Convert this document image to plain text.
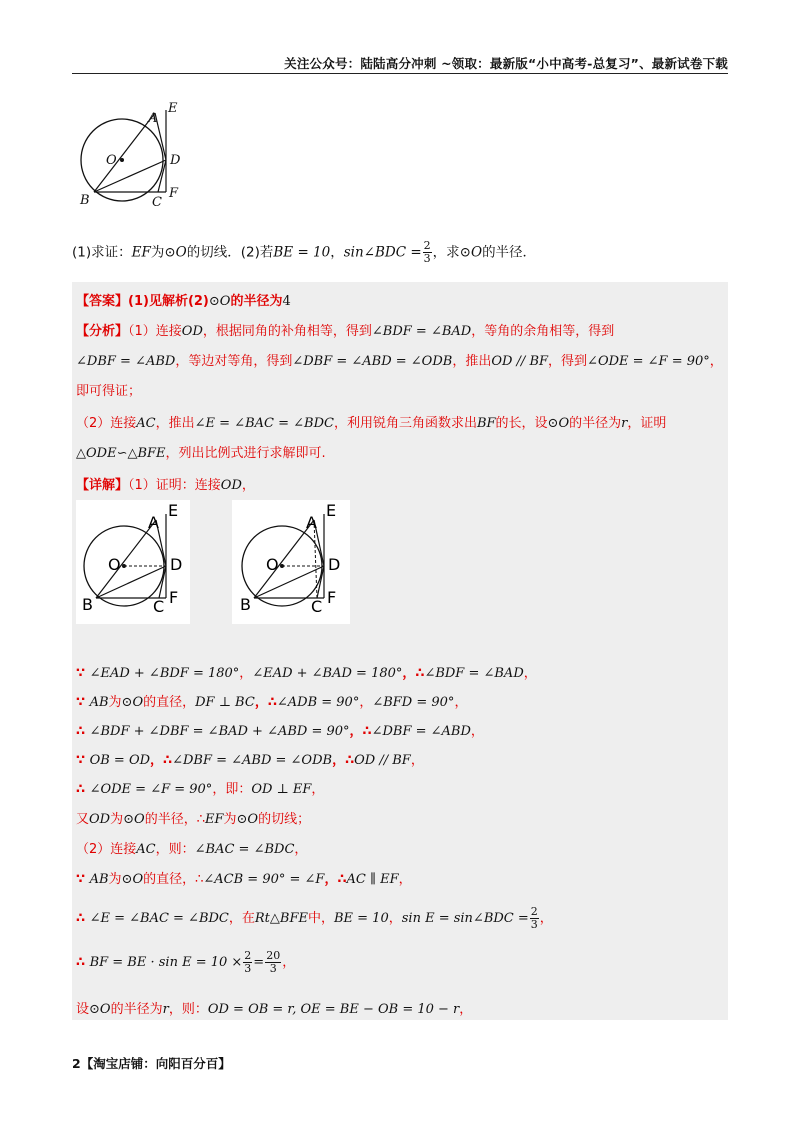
关注公众号：陆陆高分冲刺 ~领取：最新版“小中高考-总复习”、最新试卷下载
E
A
O	D
B	C
F
(1)求证：EF为⊙O的切线．(2)若BE = 10，sin∠BDC = $\frac{2}{3}$ ，求⊙O的半径．
【答案】(1)见解析(2)⊙O的半径为4
【分析】（1）连接OD，根据同角的补角相等，得到∠BDF = ∠BAD，等角的余角相等，得到
∠DBF = ∠ABD，等边对等角，得到∠DBF = ∠ABD = ∠ODB，推出OD // BF，得到∠ODE = ∠F = 90°，
即可得证；
（2）连接AC，推出∠E = ∠BAC = ∠BDC，利用锐角三角函数求出BF的长，设⊙O的半径为r，证明
△ODE∽△BFE，列出比例式进行求解即可.
【详解】（1）证明：连接OD，
E
A
O	D
B	C F
E
A
O	D
B	C F
∵ ∠EAD + ∠BDF = 180°，∠EAD + ∠BAD = 180°，∴∠BDF = ∠BAD，
∵ AB为⊙O的直径，DF ⊥ BC，∴∠ADB = 90°，∠BFD = 90°，
∴ ∠BDF + ∠DBF = ∠BAD + ∠ABD = 90°，∴∠DBF = ∠ABD，
∵ OB = OD，∴∠DBF = ∠ABD = ∠ODB，∴OD // BF，
∴ ∠ODE = ∠F = 90°，即：OD ⊥ EF，
又OD为⊙O的半径，∴EF为⊙O的切线；
（2）连接AC，则：∠BAC = ∠BDC，
∵ AB为⊙O的直径，∴∠ACB = 90° = ∠F，∴AC ∥ EF，
∴ ∠E = ∠BAC = ∠BDC，在Rt△BFE中，BE = 10，sin E = sin∠BDC = $\frac{2}{3}$ ，
∴ BF = BE · $\sin E = 10 \times \frac{2}{3} = \frac{20}{3}$ ，
设⊙O的半径为r，则：OD = OB = r, OE = BE − OB = 10 − r，
2【淘宝店铺：向阳百分百】
